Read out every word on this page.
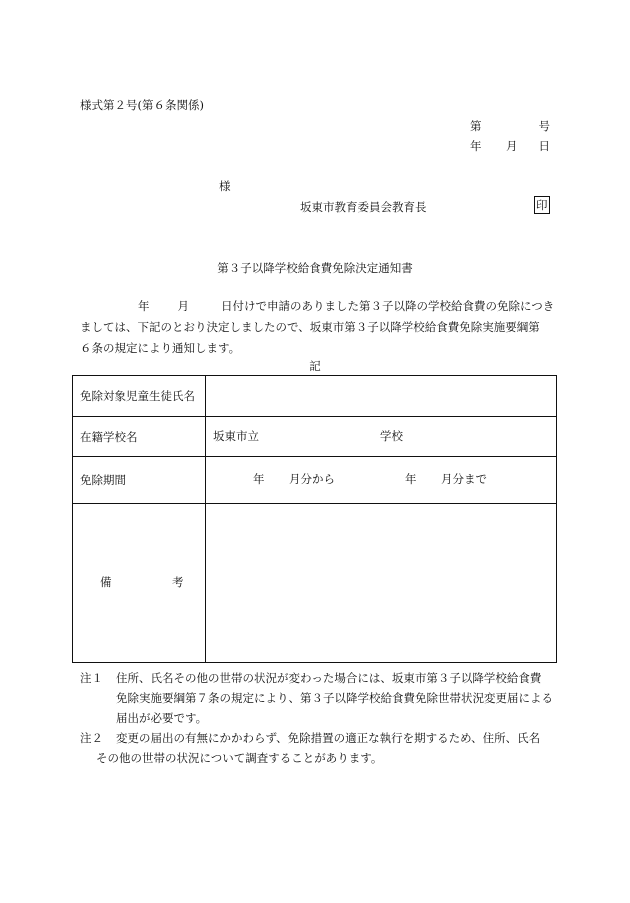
様式第２号(第６条関係)
第	号
年 月 日
様
坂東市教育委員会教育長	印
第３子以降学校給食費免除決定通知書

年 月	日付けで申請のありました第３子以降の学校給食費の免除につき

ましては、下記のとおり決定しましたので、坂東市第３子以降学校給食費免除実施要綱第

６条の規定により通知します。

記
免除対象児童生徒氏名	
在籍学校名	坂東市立 学校

免除期間	年 月分から 年 月分まで

備 考	

注１ 住所、氏名その他の世帯の状況が変わった場合には、坂東市第３子以降学校給食費
免除実施要綱第７条の規定により、第３子以降学校給食費免除世帯状況変更届による
届出が必要です。
注２ 変更の届出の有無にかかわらず、免除措置の適正な執行を期するため、住所、氏名
その他の世帯の状況について調査することがあります。
